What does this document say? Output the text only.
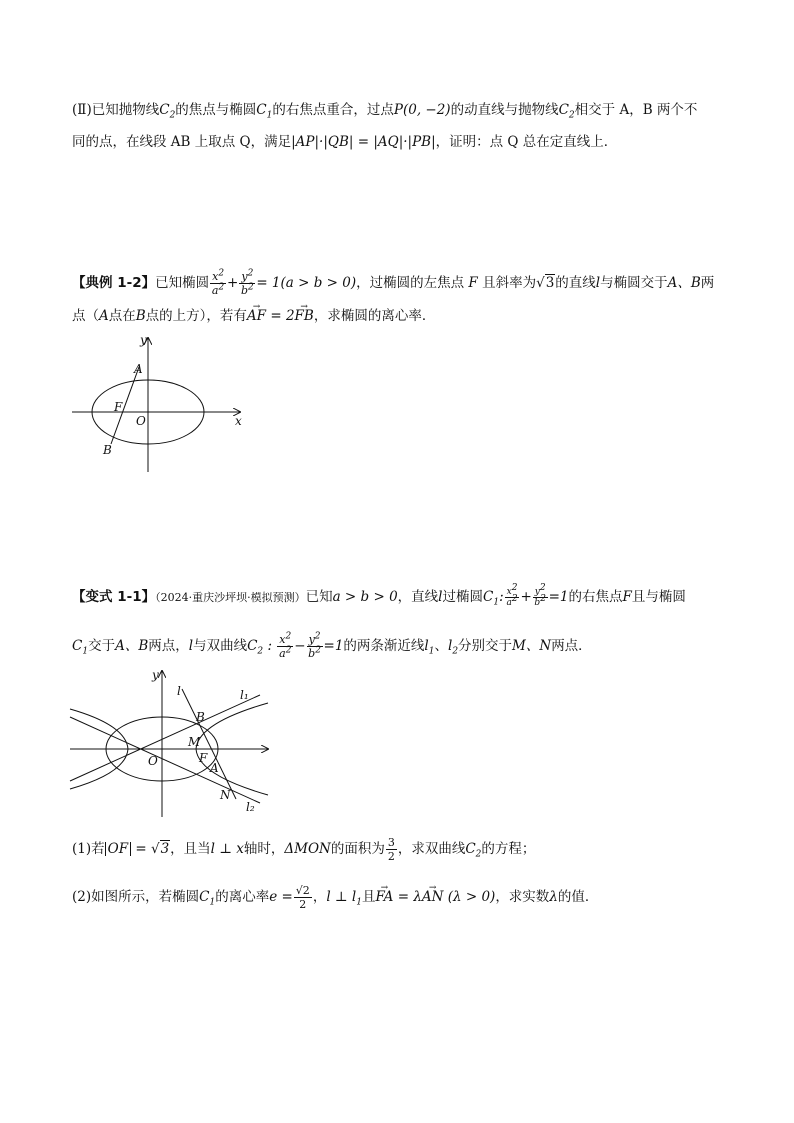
(Ⅱ)已知抛物线$C_2$的焦点与椭圆$C_1$的右焦点重合，过点P(0, −2)的动直线与抛物线$C_2$相交于 A，B 两个不
同的点，在线段 AB 上取点 Q，满足|AP|·|QB| = |AQ|·|PB|，证明：点 Q 总在定直线上．
【典例 1-2】已知椭圆 $\frac{x^2}{a^2} + \frac{y^2}{b^2} = 1(a > b > 0)$，过椭圆的左焦点 F 且斜率为√3的直线l与椭圆交于A、B两
点（A点在B点的上方），若有→ AF = 2→ FB，求椭圆的离心率．
y
x
A
F
O
B
【变式 1-1】（2024·重庆沙坪坝·模拟预测）已知a > b > 0，直线l过椭圆$C_1$: $\frac{x^2}{a^2} + \frac{y^2}{b^2} =1$的右焦点F且与椭圆
$C_1$交于A、B两点，l与双曲线$C_2$ : $\frac{x^2}{a^2} - \frac{y^2}{b^2} =1$的两条渐近线$l_1$、$l_2$分别交于M、N两点．
y
l	l₁
B
M
O	F
A
N
l₂
(1)若 OF = √3，且当l ⊥ x轴时，ΔMON的面积为 $\frac{3}{2}$ ，求双曲线$C_2$的方程；
(2)如图所示，若椭圆$C_1$的离心率$e = \frac{√2}{2}$ ，l ⊥ $l_1$且→ FA = λ→ AN (λ > 0)，求实数λ的值．
